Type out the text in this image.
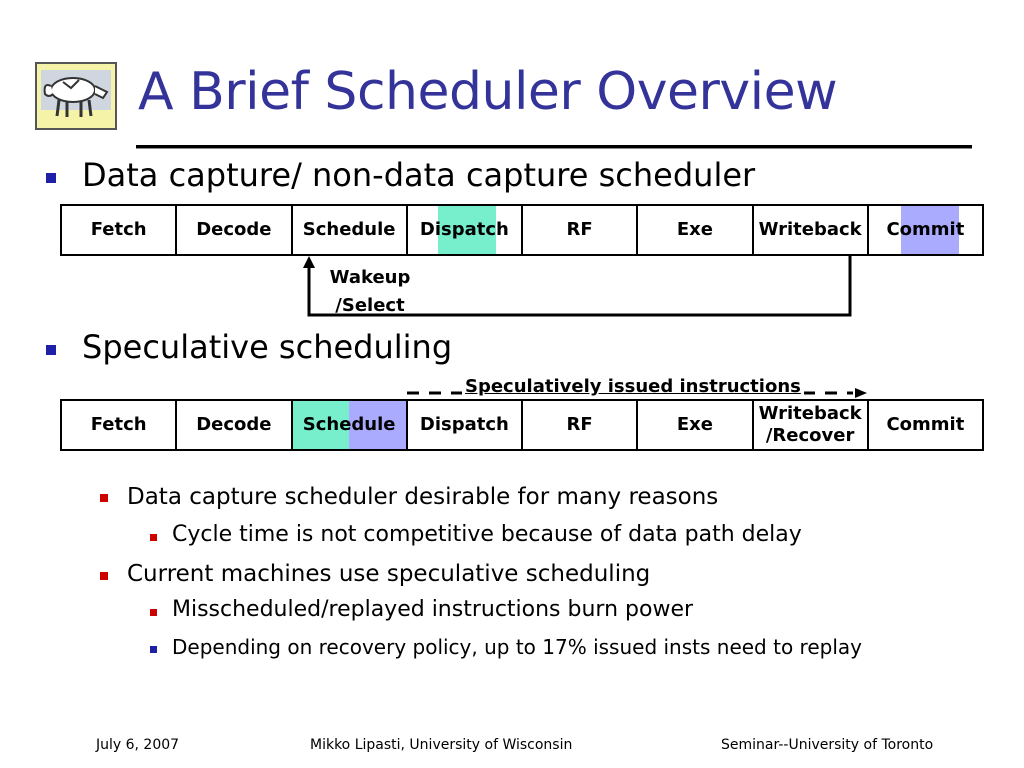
A Brief Scheduler Overview
Data capture/ non-data capture scheduler
Fetch	Decode Schedule Dispatch	RF	Exe	Writeback Commit
Wakeup
/Select
Speculative scheduling
Speculatively issued instructions
Fetch	Decode Schedule Dispatch	RF	Exe
Writeback
/Recover
Commit
Data capture scheduler desirable for many reasons
Cycle time is not competitive because of data path delay
Current machines use speculative scheduling
Misscheduled/replayed instructions burn power
Depending on recovery policy, up to 17% issued insts need to replay
July 6, 2007	Mikko Lipasti, University of Wisconsin	Seminar--University of Toronto
